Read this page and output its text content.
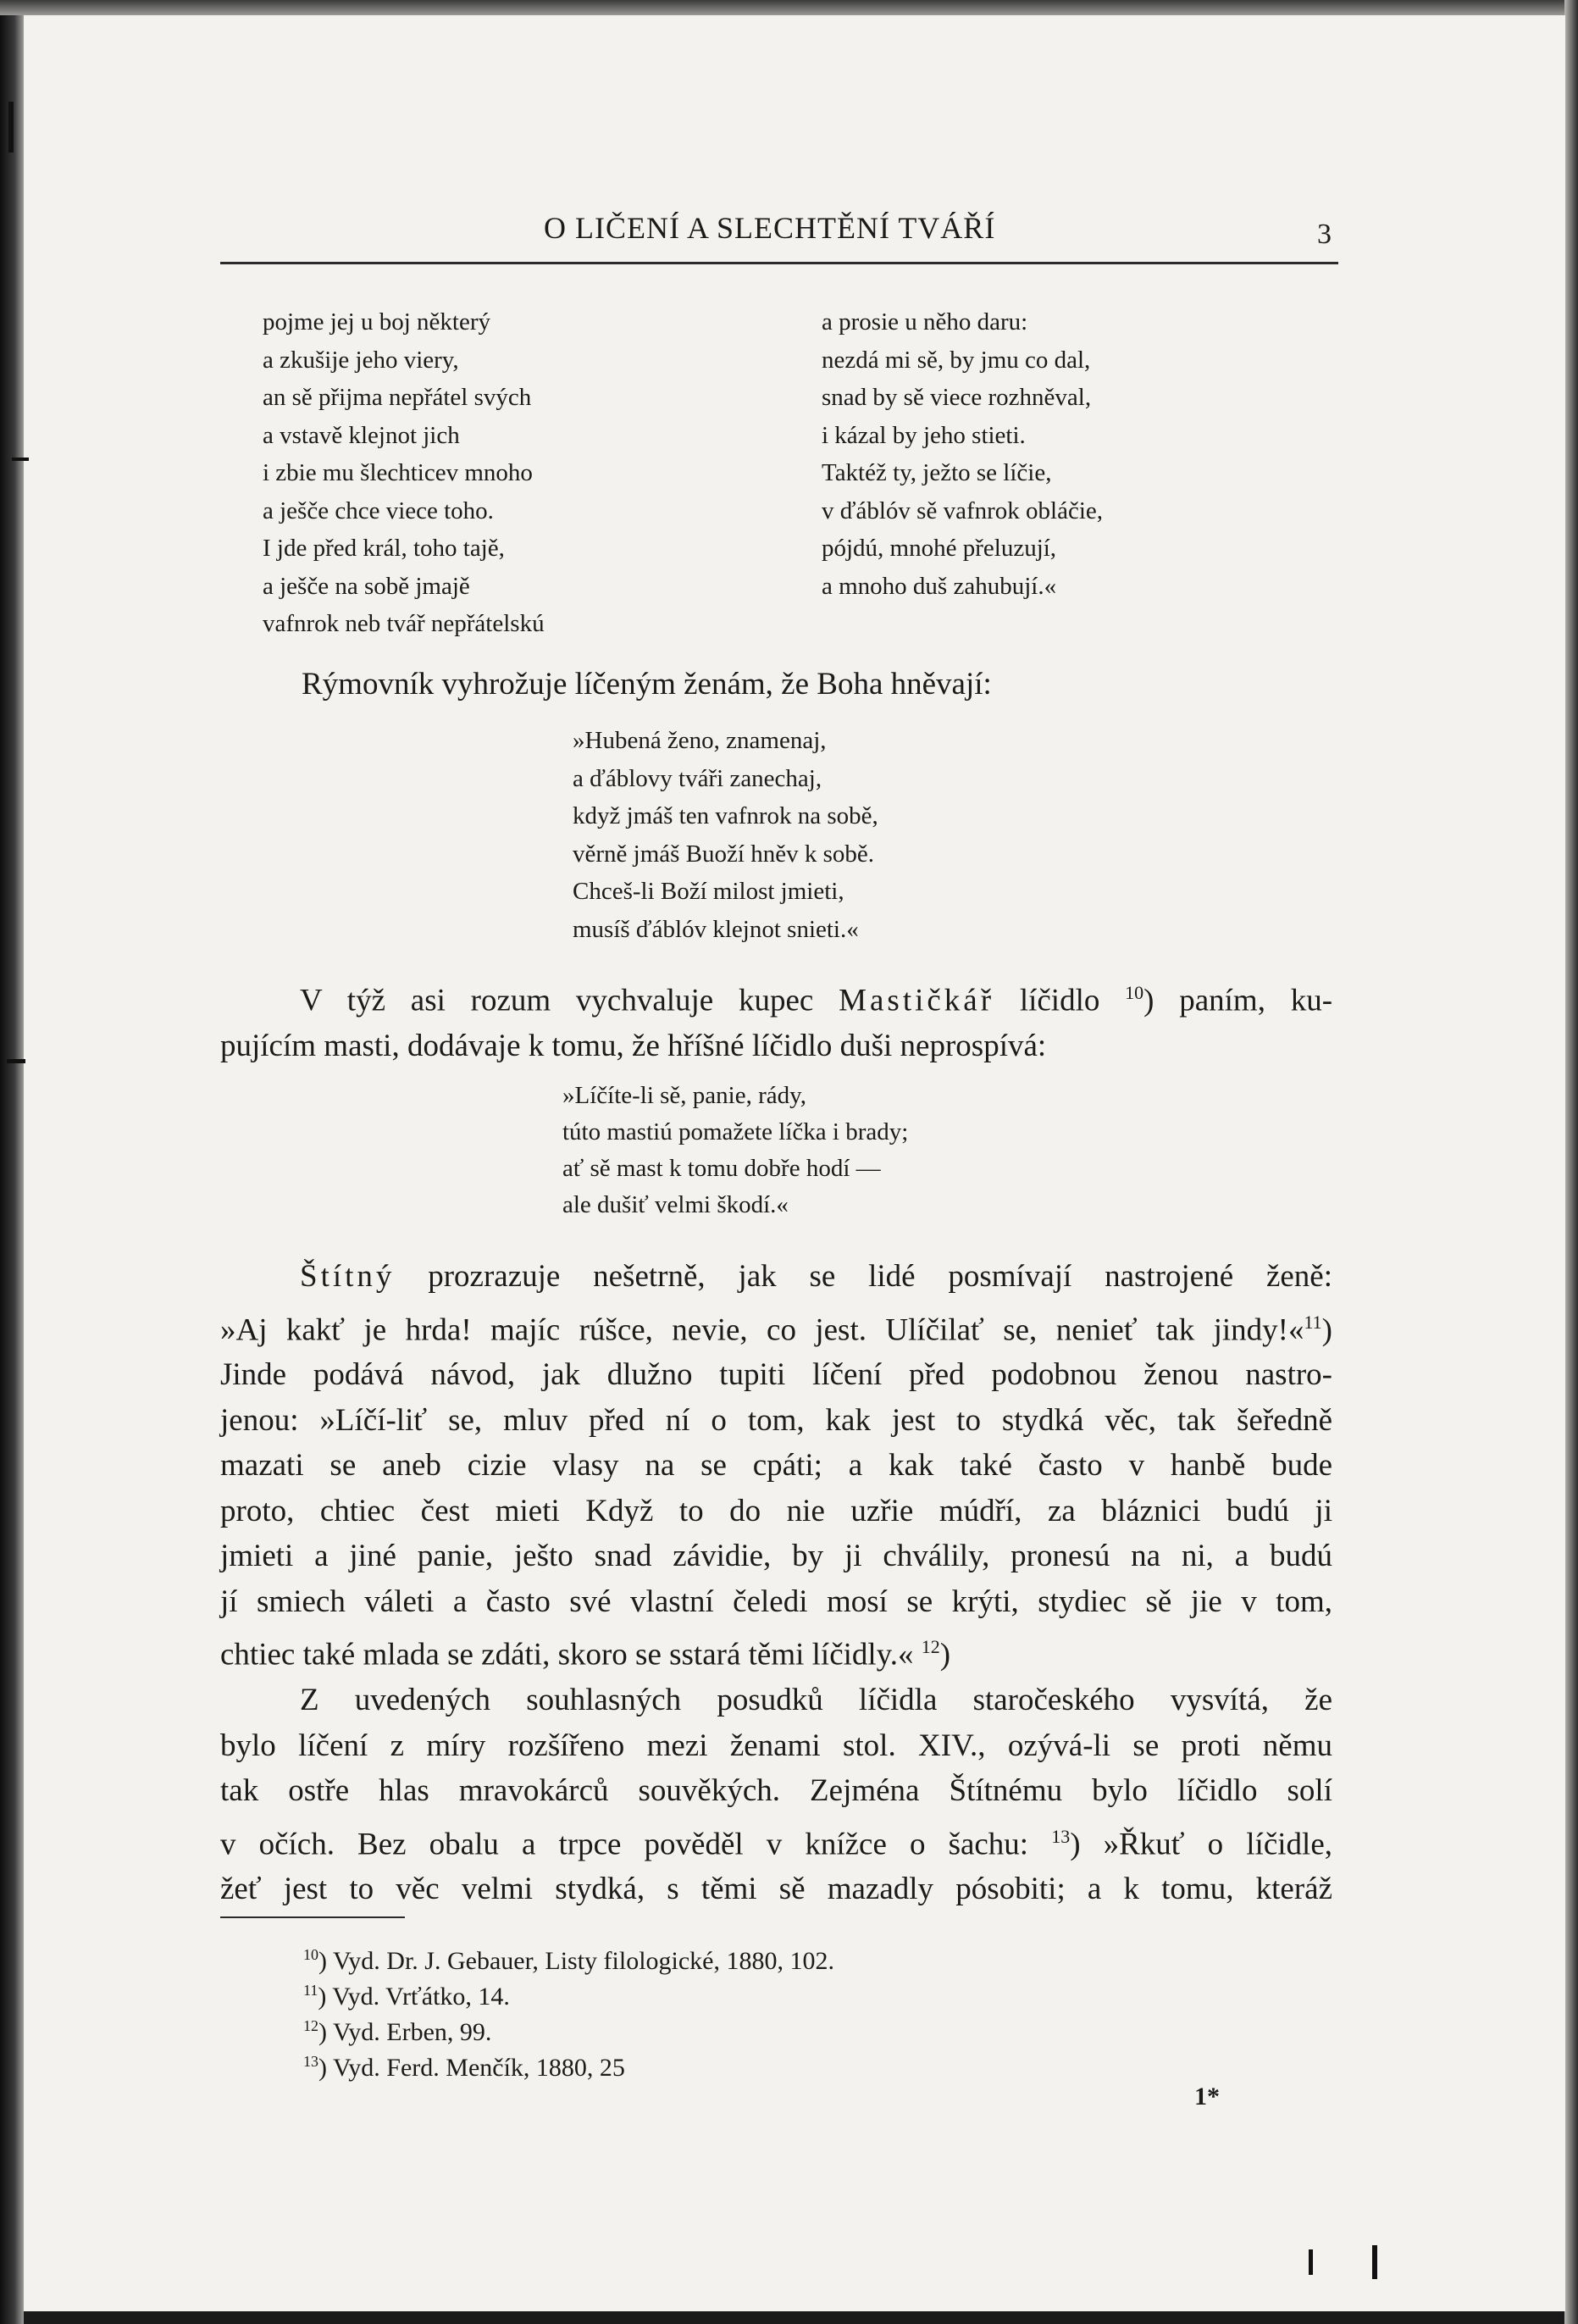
O LIČENÍ A SLECHTĚNÍ TVÁŘÍ	3
pojme jej u boj některý
a zkušije jeho viery,
an sě přijma nepřátel svých
a vstavě klejnot jich
i zbie mu šlechticev mnoho
a ješče chce viece toho.
I jde před král, toho tajě,
a ješče na sobě jmajě
vafnrok neb tvář nepřátelskú
a prosie u něho daru:
nezdá mi sě, by jmu co dal,
snad by sě viece rozhněval,
i kázal by jeho stieti.
Taktéž ty, ježto se líčie,
v ďáblóv sě vafnrok obláčie,
pójdú, mnohé přeluzují,
a mnoho duš zahubují.«
Rýmovník vyhrožuje líčeným ženám, že Boha hněvají:
»Hubená ženo, znamenaj,
a ďáblovy tváři zanechaj,
když jmáš ten vafnrok na sobě,
věrně jmáš Buoží hněv k sobě.
Chceš-li Boží milost jmieti,
musíš ďáblóv klejnot snieti.«

V týž asi rozum vychvaluje kupec Mastičkář líčidlo $^{10}$) paním, ku-

pujícím masti, dodávaje k tomu, že hříšné líčidlo duši neprospívá:

»Líčíte-li sě, panie, rády,
túto mastiú pomažete líčka i brady;
ať sě mast k tomu dobře hodí —
ale dušiť velmi škodí.«

Štítný prozrazuje nešetrně, jak se lidé posmívají nastrojené ženě:

»Aj kakť je hrda! majíc rúšce, nevie, co jest. Ulíčilať se, nenieť tak jindy!«$^{11}$)

Jinde podává návod, jak dlužno tupiti líčení před podobnou ženou nastro-

jenou: »Líčí-liť se, mluv před ní o tom, kak jest to stydká věc, tak šeředně

mazati se aneb cizie vlasy na se cpáti; a kak také často v hanbě bude

proto, chtiec čest mieti Když to do nie uzřie múdří, za bláznici budú ji

jmieti a jiné panie, ješto snad závidie, by ji chválily, pronesú na ni, a budú

jí smiech váleti a často své vlastní čeledi mosí se krýti, stydiec sě jie v tom,

chtiec také mlada se zdáti, skoro se sstará těmi líčidly.« $^{12}$)

Z uvedených souhlasných posudků líčidla staročeského vysvítá, že

bylo líčení z míry rozšířeno mezi ženami stol. XIV., ozývá-li se proti němu

tak ostře hlas mravokárců souvěkých. Zejména Štítnému bylo líčidlo solí

v očích. Bez obalu a trpce pověděl v knížce o šachu: $^{13}$) »Řkuť o líčidle,

žeť jest to věc velmi stydká, s těmi sě mazadly pósobiti; a k tomu, kteráž

$^{10}$) Vyd. Dr. J. Gebauer, Listy filologické, 1880, 102.
$^{11}$) Vyd. Vrťátko, 14.
$^{12}$) Vyd. Erben, 99.
$^{13}$) Vyd. Ferd. Menčík, 1880, 25
1*
